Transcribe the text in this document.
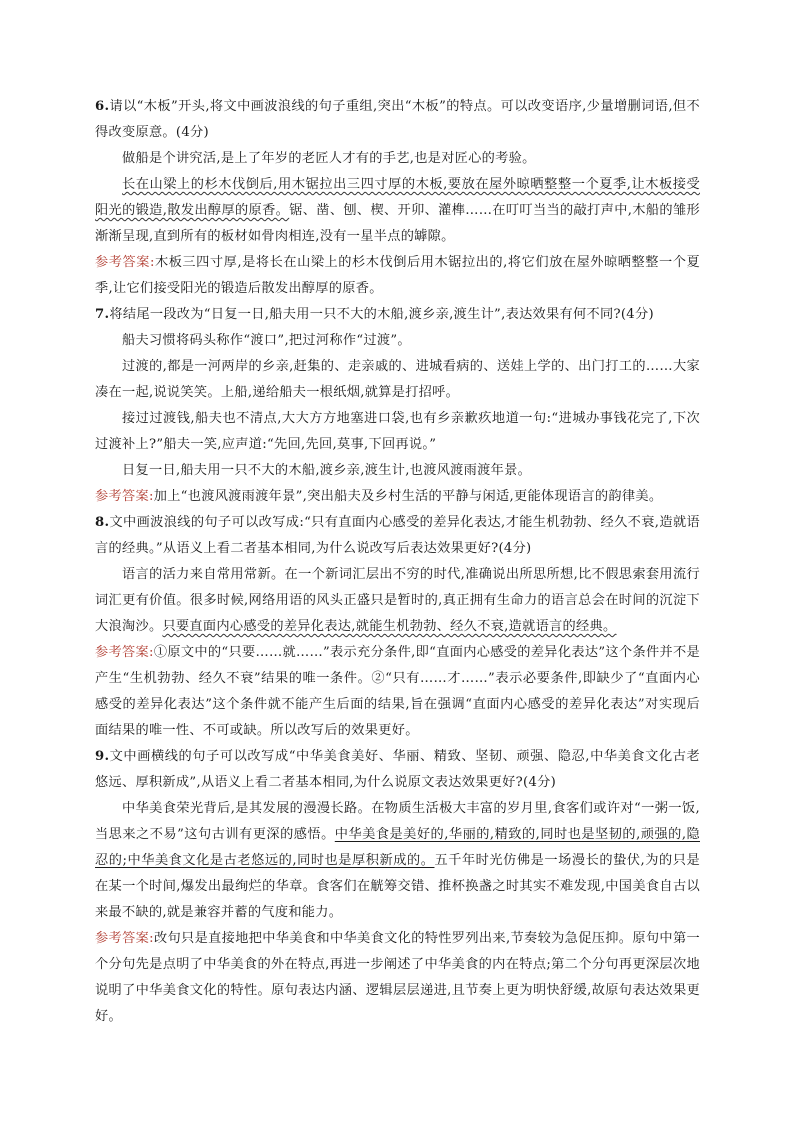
6.请以“木板”开头,将文中画波浪线的句子重组,突出“木板”的特点。可以改变语序,少量增删词语,但不得改变原意。(4分)

做船是个讲究活,是上了年岁的老匠人才有的手艺,也是对匠心的考验。

长在山梁上的杉木伐倒后,用木锯拉出三四寸厚的木板,要放在屋外晾晒整整一个夏季,让木板接受阳光的锻造,散发出醇厚的原香。锯、凿、刨、楔、开卯、灌榫……在叮叮当当的敲打声中,木船的雏形渐渐呈现,直到所有的板材如骨肉相连,没有一星半点的罅隙。

参考答案:木板三四寸厚,是将长在山梁上的杉木伐倒后用木锯拉出的,将它们放在屋外晾晒整整一个夏季,让它们接受阳光的锻造后散发出醇厚的原香。

7.将结尾一段改为“日复一日,船夫用一只不大的木船,渡乡亲,渡生计”,表达效果有何不同?(4分)

船夫习惯将码头称作“渡口”,把过河称作“过渡”。

过渡的,都是一河两岸的乡亲,赶集的、走亲戚的、进城看病的、送娃上学的、出门打工的……大家凑在一起,说说笑笑。上船,递给船夫一根纸烟,就算是打招呼。

接过过渡钱,船夫也不清点,大大方方地塞进口袋,也有乡亲歉疚地道一句:“进城办事钱花完了,下次过渡补上?”船夫一笑,应声道:“先回,先回,莫事,下回再说。”

日复一日,船夫用一只不大的木船,渡乡亲,渡生计,也渡风渡雨渡年景。

参考答案:加上“也渡风渡雨渡年景”,突出船夫及乡村生活的平静与闲适,更能体现语言的韵律美。

8.文中画波浪线的句子可以改写成:“只有直面内心感受的差异化表达,才能生机勃勃、经久不衰,造就语言的经典。”从语义上看二者基本相同,为什么说改写后表达效果更好?(4分)

语言的活力来自常用常新。在一个新词汇层出不穷的时代,准确说出所思所想,比不假思索套用流行词汇更有价值。很多时候,网络用语的风头正盛只是暂时的,真正拥有生命力的语言总会在时间的沉淀下大浪淘沙。只要直面内心感受的差异化表达,就能生机勃勃、经久不衰,造就语言的经典。

参考答案:①原文中的“只要……就……”表示充分条件,即“直面内心感受的差异化表达”这个条件并不是产生“生机勃勃、经久不衰”结果的唯一条件。②“只有……才……”表示必要条件,即缺少了“直面内心感受的差异化表达”这个条件就不能产生后面的结果,旨在强调“直面内心感受的差异化表达”对实现后面结果的唯一性、不可或缺。所以改写后的效果更好。

9.文中画横线的句子可以改写成“中华美食美好、华丽、精致、坚韧、顽强、隐忍,中华美食文化古老悠远、厚积新成”,从语义上看二者基本相同,为什么说原文表达效果更好?(4分)

中华美食荣光背后,是其发展的漫漫长路。在物质生活极大丰富的岁月里,食客们或许对“一粥一饭,当思来之不易”这句古训有更深的感悟。中华美食是美好的,华丽的,精致的,同时也是坚韧的,顽强的,隐忍的;中华美食文化是古老悠远的,同时也是厚积新成的。五千年时光仿佛是一场漫长的蛰伏,为的只是在某一个时间,爆发出最绚烂的华章。食客们在觥筹交错、推杯换盏之时其实不难发现,中国美食自古以来最不缺的,就是兼容并蓄的气度和能力。

参考答案:改句只是直接地把中华美食和中华美食文化的特性罗列出来,节奏较为急促压抑。原句中第一个分句先是点明了中华美食的外在特点,再进一步阐述了中华美食的内在特点;第二个分句再更深层次地说明了中华美食文化的特性。原句表达内涵、逻辑层层递进,且节奏上更为明快舒缓,故原句表达效果更好。
